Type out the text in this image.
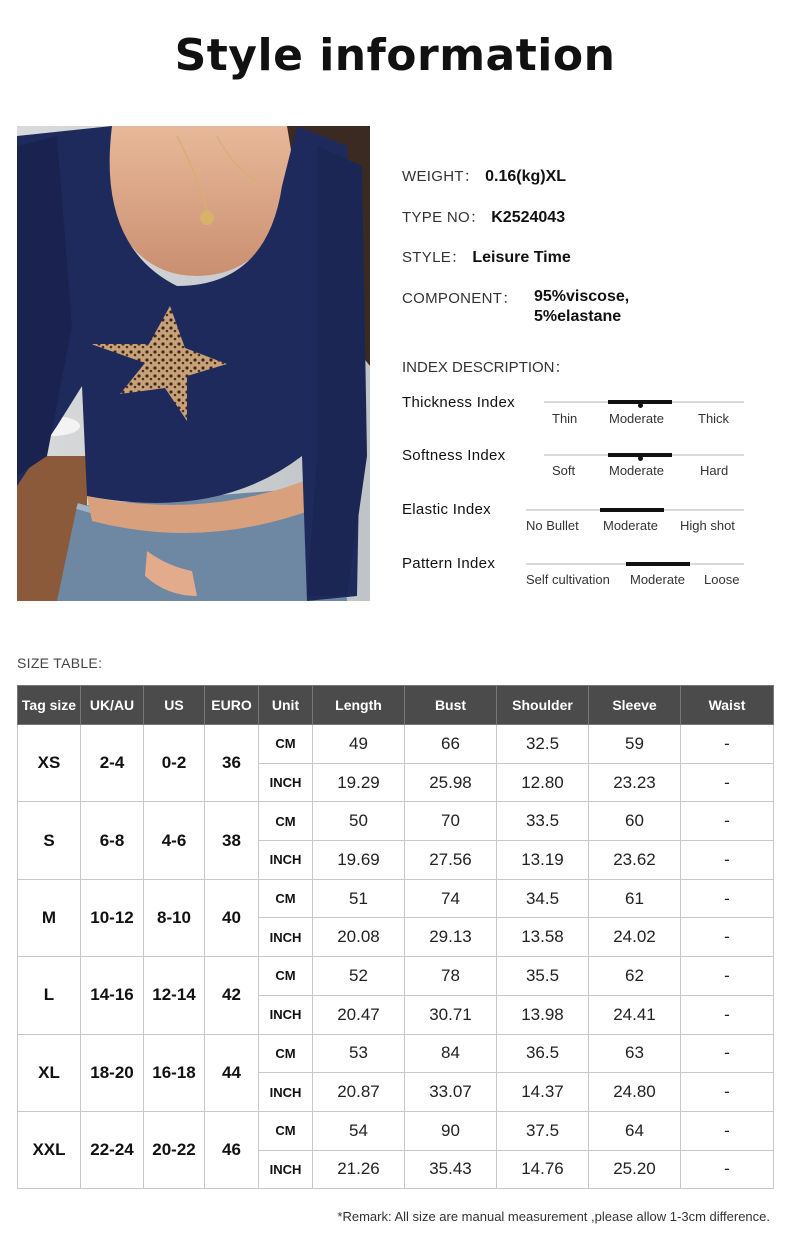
Style information
WEIGHT： 0.16(kg)XL
TYPE NO： K2524043
STYLE： Leisure Time
COMPONENT： 95%viscose,
5%elastane
INDEX DESCRIPTION：
Thickness Index
Thin Moderate	Thick
Softness Index
Soft	Moderate	Hard
Elastic Index
No Bullet Moderate High shot
Pattern Index
Self cultivation Moderate Loose
SIZE TABLE:
Tag size	UK/AU	US	EURO	Unit	Length	Bust	Shoulder	Sleeve	Waist
XS	2-4	0-2	36	CM	49	66	32.5	59	-
				INCH	19.29	25.98	12.80	23.23	-
S	6-8	4-6	38	CM	50	70	33.5	60	-
				INCH	19.69	27.56	13.19	23.62	-
M	10-12	8-10	40	CM	51	74	34.5	61	-
				INCH	20.08	29.13	13.58	24.02	-
L	14-16	12-14	42	CM	52	78	35.5	62	-
				INCH	20.47	30.71	13.98	24.41	-
XL	18-20	16-18	44	CM	53	84	36.5	63	-
				INCH	20.87	33.07	14.37	24.80	-
XXL	22-24	20-22	46	CM	54	90	37.5	64	-
				INCH	21.26	35.43	14.76	25.20	-
*Remark: All size are manual measurement ,please allow 1-3cm difference.
